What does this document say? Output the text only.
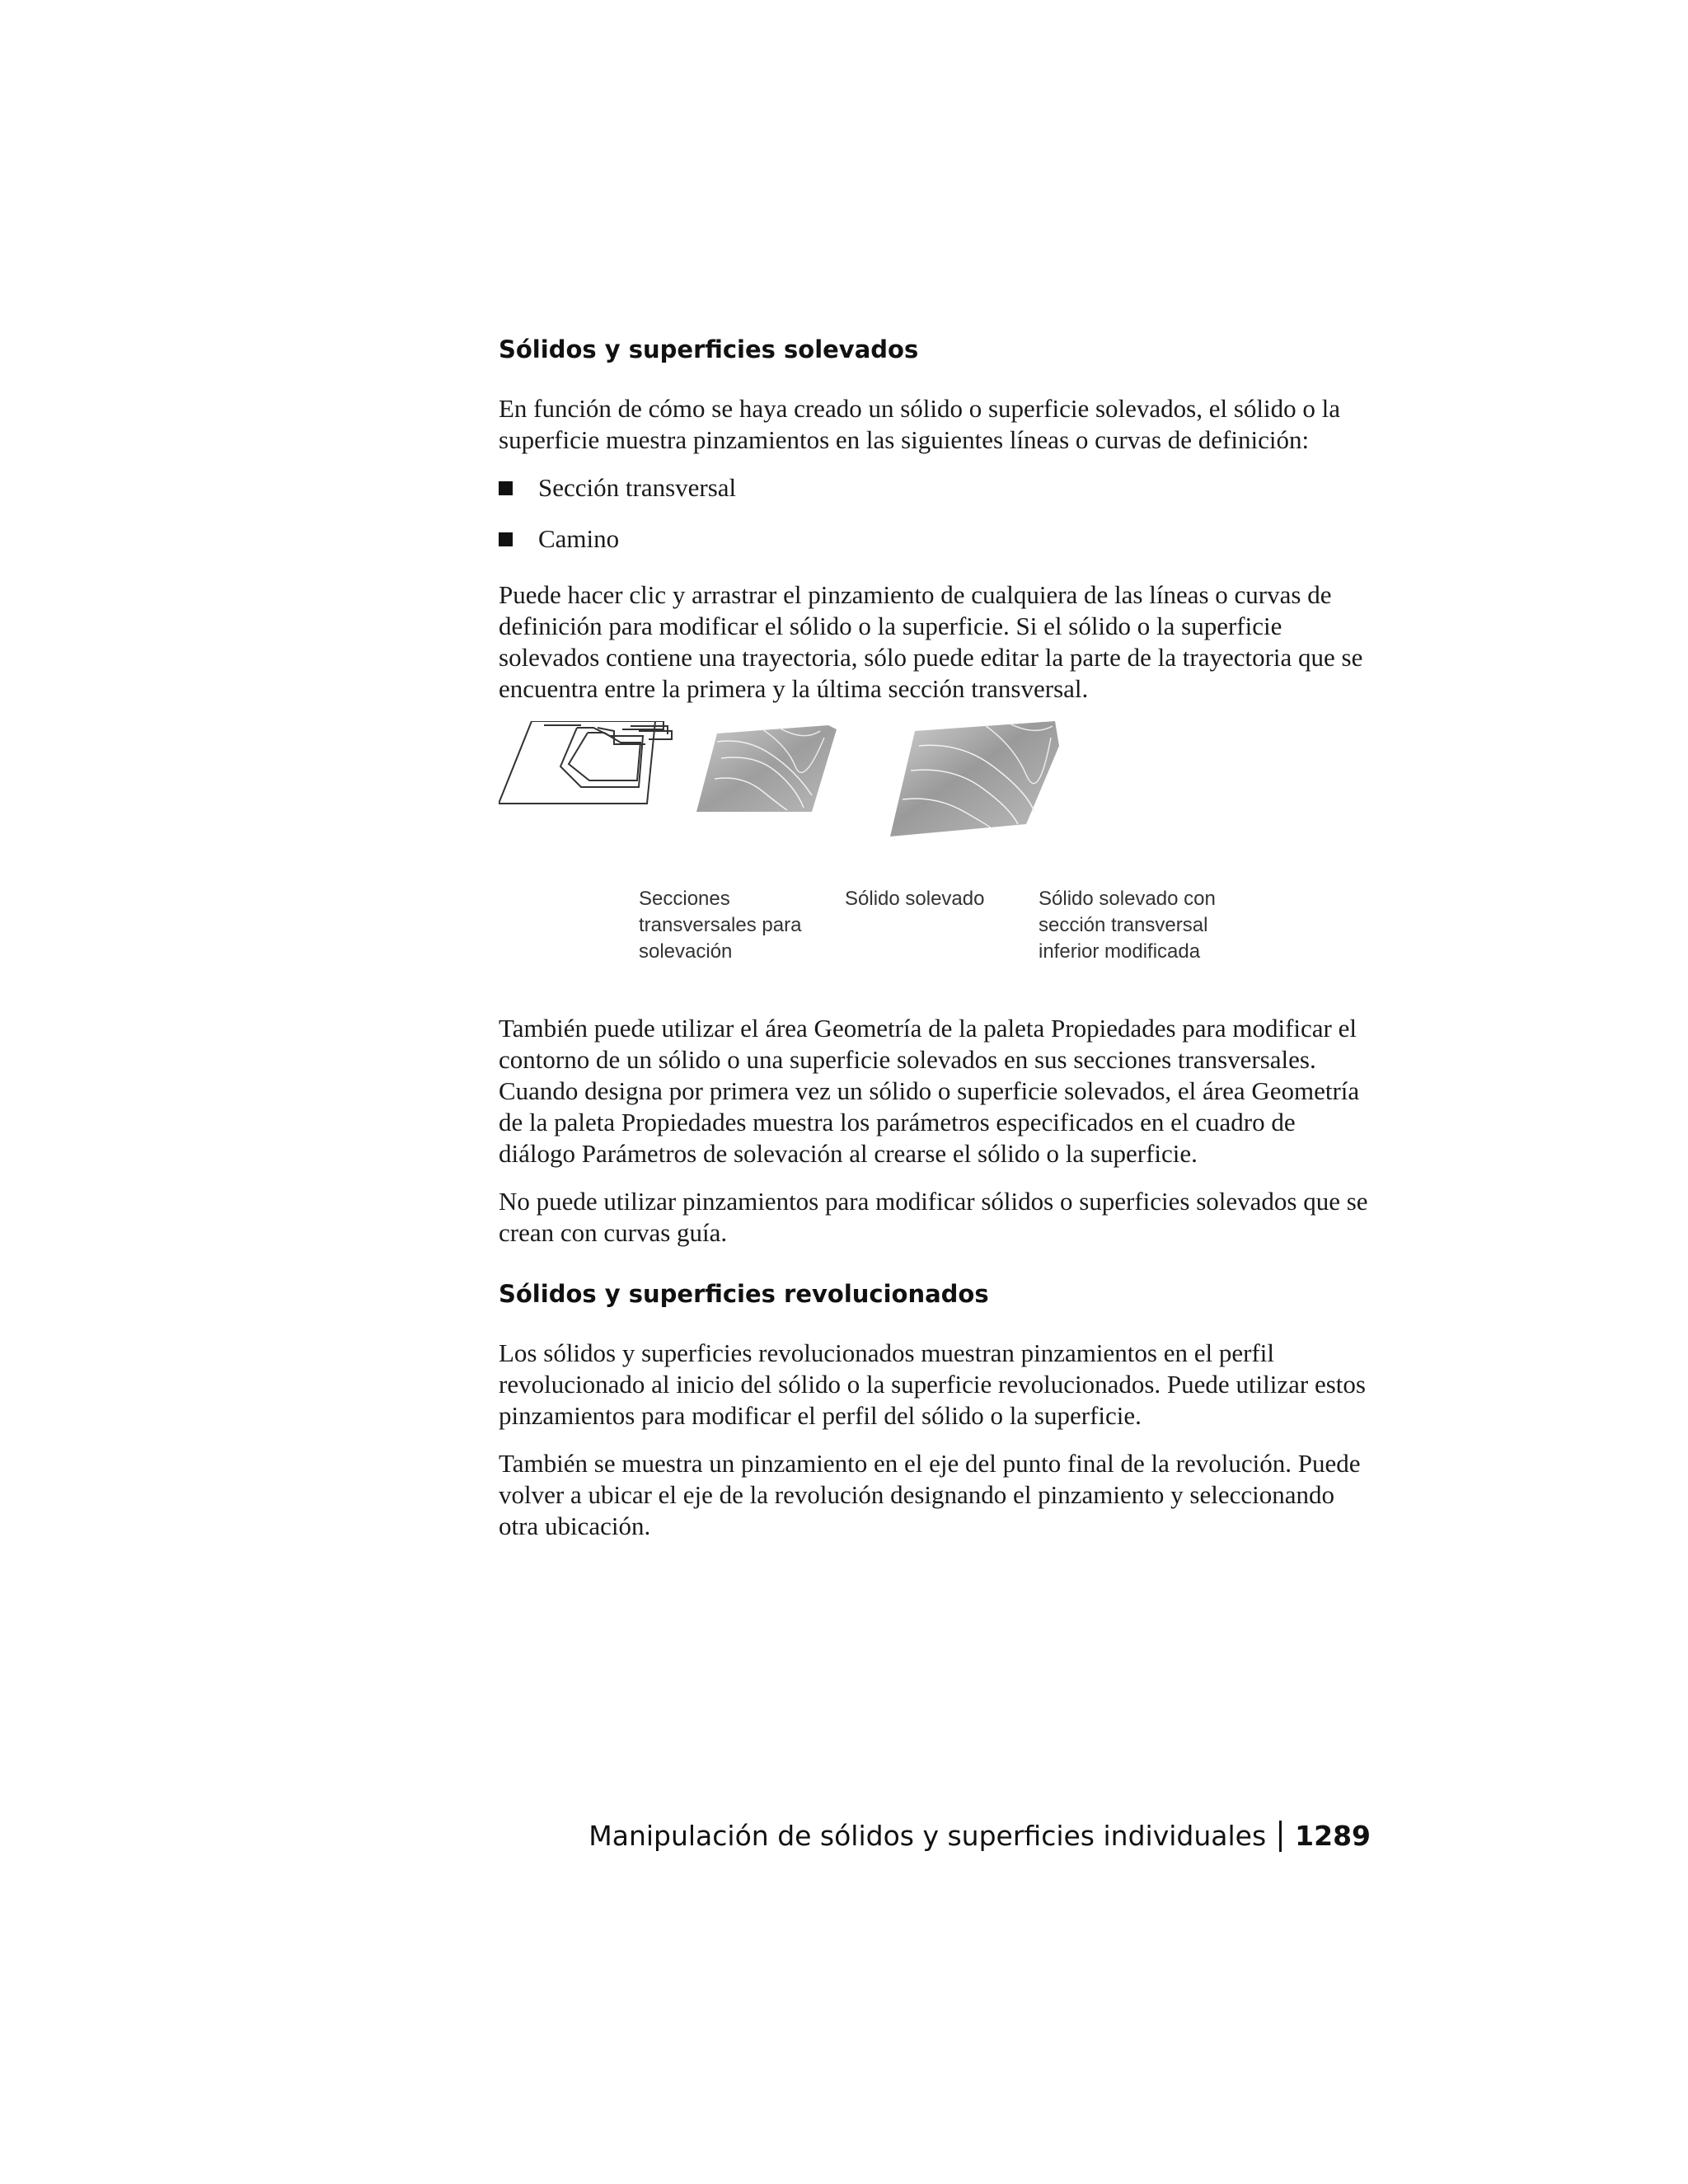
Sólidos y superficies solevados

En función de cómo se haya creado un sólido o superficie solevados, el sólido o la superficie muestra pinzamientos en las siguientes líneas o curvas de definición:

Sección transversal
Camino

Puede hacer clic y arrastrar el pinzamiento de cualquiera de las líneas o curvas de definición para modificar el sólido o la superficie. Si el sólido o la superficie solevados contiene una trayectoria, sólo puede editar la parte de la trayectoria que se encuentra entre la primera y la última sección transversal.

Secciones
transversales para
solevación
Sólido solevado	Sólido solevado con
sección transversal
inferior modificada

También puede utilizar el área Geometría de la paleta Propiedades para modificar el contorno de un sólido o una superficie solevados en sus secciones transversales. Cuando designa por primera vez un sólido o superficie solevados, el área Geometría de la paleta Propiedades muestra los parámetros especificados en el cuadro de diálogo Parámetros de solevación al crearse el sólido o la superficie.

No puede utilizar pinzamientos para modificar sólidos o superficies solevados que se crean con curvas guía.

Sólidos y superficies revolucionados

Los sólidos y superficies revolucionados muestran pinzamientos en el perfil revolucionado al inicio del sólido o la superficie revolucionados. Puede utilizar estos pinzamientos para modificar el perfil del sólido o la superficie.

También se muestra un pinzamiento en el eje del punto final de la revolución. Puede volver a ubicar el eje de la revolución designando el pinzamiento y seleccionando otra ubicación.

Manipulación de sólidos y superficies individuales 1289
